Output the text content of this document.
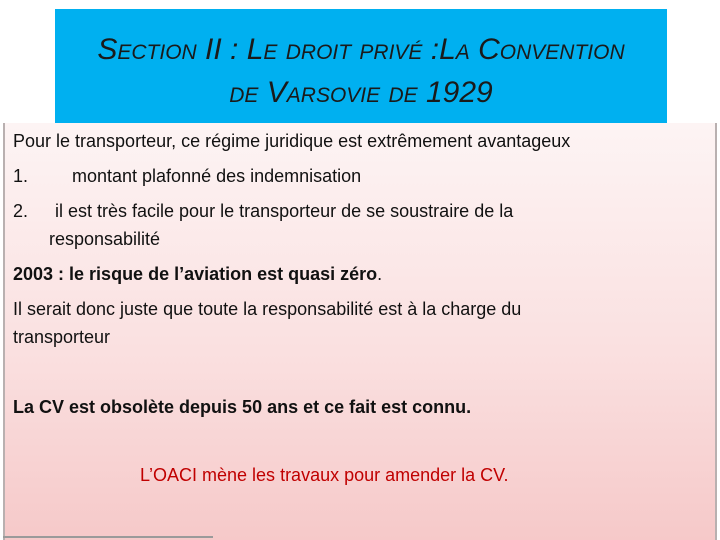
Section II : Le droit privé :La Convention
de Varsovie de 1929
Pour le transporteur, ce régime juridique est extrêmement avantageux
1. montant plafonné des indemnisation
2. il est très facile pour le transporteur de se soustraire de la
responsabilité
2003 : le risque de l’aviation est quasi zéro.
Il serait donc juste que toute la responsabilité est à la charge du
transporteur
La CV est obsolète depuis 50 ans et ce fait est connu.
L’OACI mène les travaux pour amender la CV.
